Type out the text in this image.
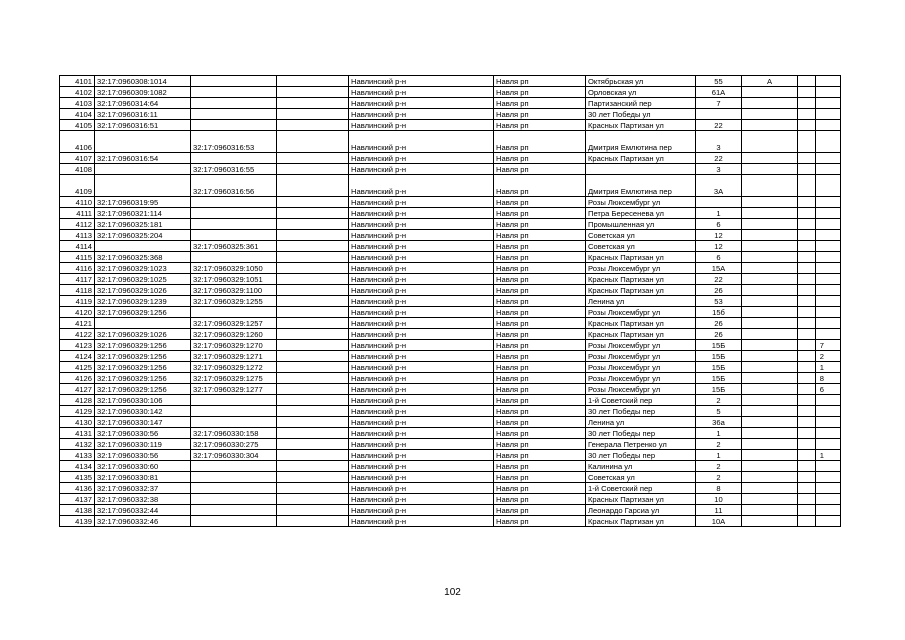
4101	32:17:0960308:1014			Навлинский р-н	Навля рп	Октябрьская ул	55	А		
4102	32:17:0960309:1082			Навлинский р-н	Навля рп	Орловская ул	61А			
4103	32:17:0960314:64			Навлинский р-н	Навля рп	Партизанский пер	7			
4104	32:17:0960316:11			Навлинский р-н	Навля рп	30 лет Победы ул				
4105	32:17:0960316:51			Навлинский р-н	Навля рп	Красных Партизан ул	22			
4106		32:17:0960316:53		Навлинский р-н	Навля рп	Дмитрия Емлютина пер	3			
4107	32:17:0960316:54			Навлинский р-н	Навля рп	Красных Партизан ул	22			
4108		32:17:0960316:55		Навлинский р-н	Навля рп		3			
4109		32:17:0960316:56		Навлинский р-н	Навля рп	Дмитрия Емлютина пер	3А			
4110	32:17:0960319:95			Навлинский р-н	Навля рп	Розы Люксембург ул				
4111	32:17:0960321:114			Навлинский р-н	Навля рп	Петра Бересенева ул	1			
4112	32:17:0960325:181			Навлинский р-н	Навля рп	Промышленная ул	6			
4113	32:17:0960325:204			Навлинский р-н	Навля рп	Советская ул	12			
4114		32:17:0960325:361		Навлинский р-н	Навля рп	Советская ул	12			
4115	32:17:0960325:368			Навлинский р-н	Навля рп	Красных Партизан ул	6			
4116	32:17:0960329:1023	32:17:0960329:1050		Навлинский р-н	Навля рп	Розы Люксембург ул	15А			
4117	32:17:0960329:1025	32:17:0960329:1051		Навлинский р-н	Навля рп	Красных Партизан ул	22			
4118	32:17:0960329:1026	32:17:0960329:1100		Навлинский р-н	Навля рп	Красных Партизан ул	26			
4119	32:17:0960329:1239	32:17:0960329:1255		Навлинский р-н	Навля рп	Ленина ул	53			
4120	32:17:0960329:1256			Навлинский р-н	Навля рп	Розы Люксембург ул	15б			
4121		32:17:0960329:1257		Навлинский р-н	Навля рп	Красных Партизан ул	26			
4122	32:17:0960329:1026	32:17:0960329:1260		Навлинский р-н	Навля рп	Красных Партизан ул	26			
4123	32:17:0960329:1256	32:17:0960329:1270		Навлинский р-н	Навля рп	Розы Люксембург ул	15Б			7
4124	32:17:0960329:1256	32:17:0960329:1271		Навлинский р-н	Навля рп	Розы Люксембург ул	15Б			2
4125	32:17:0960329:1256	32:17:0960329:1272		Навлинский р-н	Навля рп	Розы Люксембург ул	15Б			1
4126	32:17:0960329:1256	32:17:0960329:1275		Навлинский р-н	Навля рп	Розы Люксембург ул	15Б			8
4127	32:17:0960329:1256	32:17:0960329:1277		Навлинский р-н	Навля рп	Розы Люксембург ул	15Б			6
4128	32:17:0960330:106			Навлинский р-н	Навля рп	1-й Советский пер	2			
4129	32:17:0960330:142			Навлинский р-н	Навля рп	30 лет Победы пер	5			
4130	32:17:0960330:147			Навлинский р-н	Навля рп	Ленина ул	36а			
4131	32:17:0960330:56	32:17:0960330:158		Навлинский р-н	Навля рп	30 лет Победы пер	1			
4132	32:17:0960330:119	32:17:0960330:275		Навлинский р-н	Навля рп	Генерала Петренко ул	2			
4133	32:17:0960330:56	32:17:0960330:304		Навлинский р-н	Навля рп	30 лет Победы пер	1			1
4134	32:17:0960330:60			Навлинский р-н	Навля рп	Калинина ул	2			
4135	32:17:0960330:81			Навлинский р-н	Навля рп	Советская ул	2			
4136	32:17:0960332:37			Навлинский р-н	Навля рп	1-й Советский пер	8			
4137	32:17:0960332:38			Навлинский р-н	Навля рп	Красных Партизан ул	10			
4138	32:17:0960332:44			Навлинский р-н	Навля рп	Леонардо Гарсиа ул	11			
4139	32:17:0960332:46			Навлинский р-н	Навля рп	Красных Партизан ул	10А			
102
